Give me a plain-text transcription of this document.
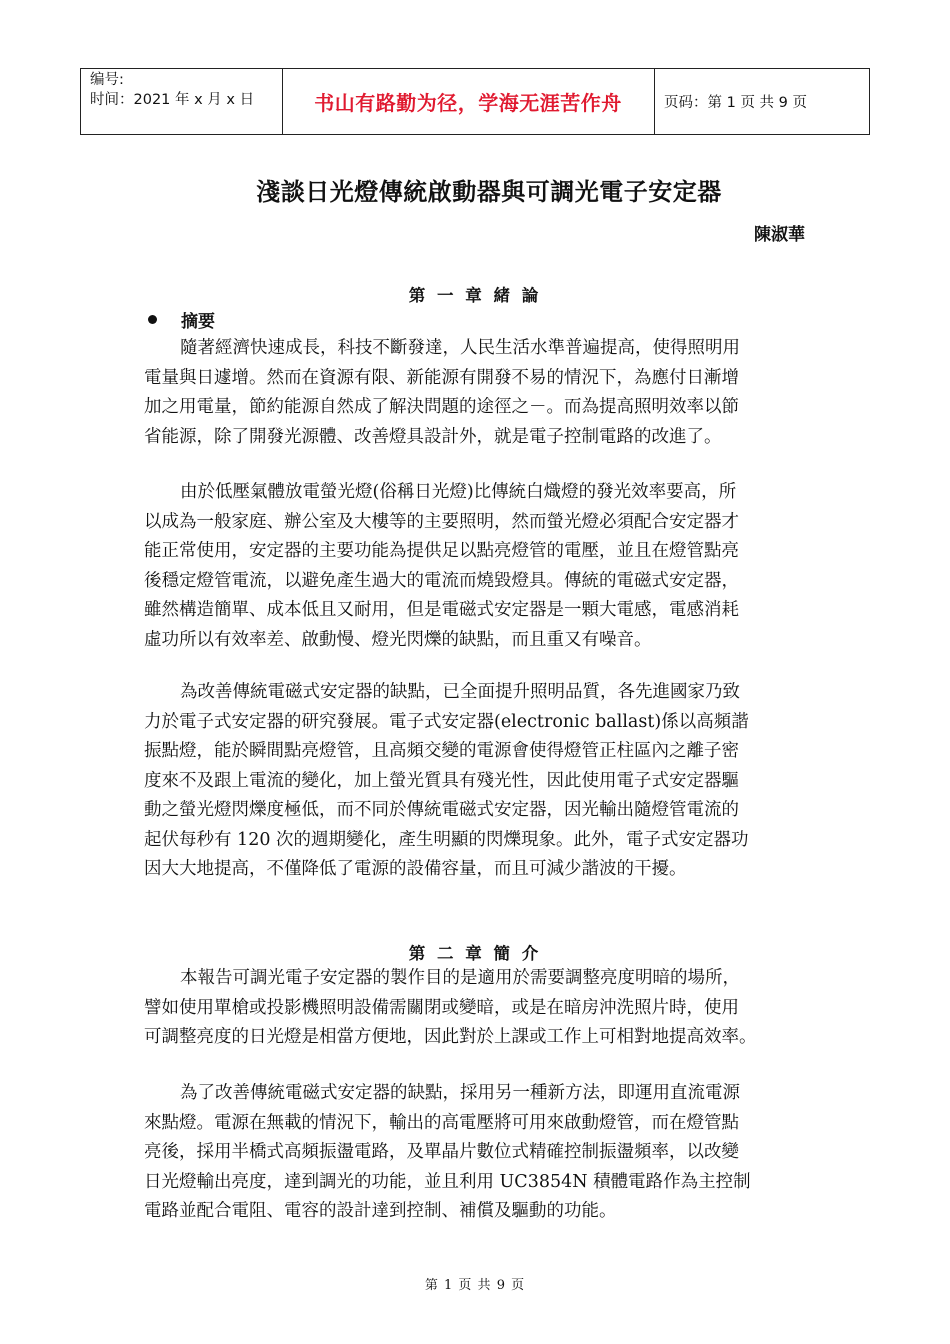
编号:
时间：2021 年 x 月 x 日	书山有路勤为径，学海无涯苦作舟	页码：第 1 页 共 9 页
淺談日光燈傳統啟動器與可調光電子安定器
陳淑華
第 一 章 緒 論
摘要
隨著經濟快速成長，科技不斷發達，人民生活水準普遍提高，使得照明用
電量與日遽增。然而在資源有限、新能源有開發不易的情況下，為應付日漸增
加之用電量，節約能源自然成了解決問題的途徑之－。而為提高照明效率以節
省能源，除了開發光源體、改善燈具設計外，就是電子控制電路的改進了。
由於低壓氣體放電螢光燈(俗稱日光燈)比傳統白熾燈的發光效率要高，所
以成為一般家庭、辦公室及大樓等的主要照明，然而螢光燈必須配合安定器才
能正常使用，安定器的主要功能為提供足以點亮燈管的電壓，並且在燈管點亮
後穩定燈管電流，以避免產生過大的電流而燒毀燈具。傳統的電磁式安定器，
雖然構造簡單、成本低且又耐用，但是電磁式安定器是一顆大電感，電感消耗
虛功所以有效率差、啟動慢、燈光閃爍的缺點，而且重又有噪音。
為改善傳統電磁式安定器的缺點，已全面提升照明品質，各先進國家乃致
力於電子式安定器的研究發展。電子式安定器(electronic ballast)係以高頻諧
振點燈，能於瞬間點亮燈管，且高頻交變的電源會使得燈管正柱區內之離子密
度來不及跟上電流的變化，加上螢光質具有殘光性，因此使用電子式安定器驅
動之螢光燈閃爍度極低，而不同於傳統電磁式安定器，因光輸出隨燈管電流的
起伏每秒有 120 次的週期變化，產生明顯的閃爍現象。此外，電子式安定器功
因大大地提高，不僅降低了電源的設備容量，而且可減少諧波的干擾。
第 二 章 簡 介
本報告可調光電子安定器的製作目的是適用於需要調整亮度明暗的場所，
譬如使用單槍或投影機照明設備需關閉或變暗，或是在暗房沖洗照片時，使用
可調整亮度的日光燈是相當方便地，因此對於上課或工作上可相對地提高效率。
為了改善傳統電磁式安定器的缺點，採用另一種新方法，即運用直流電源
來點燈。電源在無載的情況下，輸出的高電壓將可用來啟動燈管，而在燈管點
亮後，採用半橋式高頻振盪電路，及單晶片數位式精確控制振盪頻率，以改變
日光燈輸出亮度，達到調光的功能，並且利用 UC3854N 積體電路作為主控制
電路並配合電阻、電容的設計達到控制、補償及驅動的功能。
第 1 页 共 9 页
